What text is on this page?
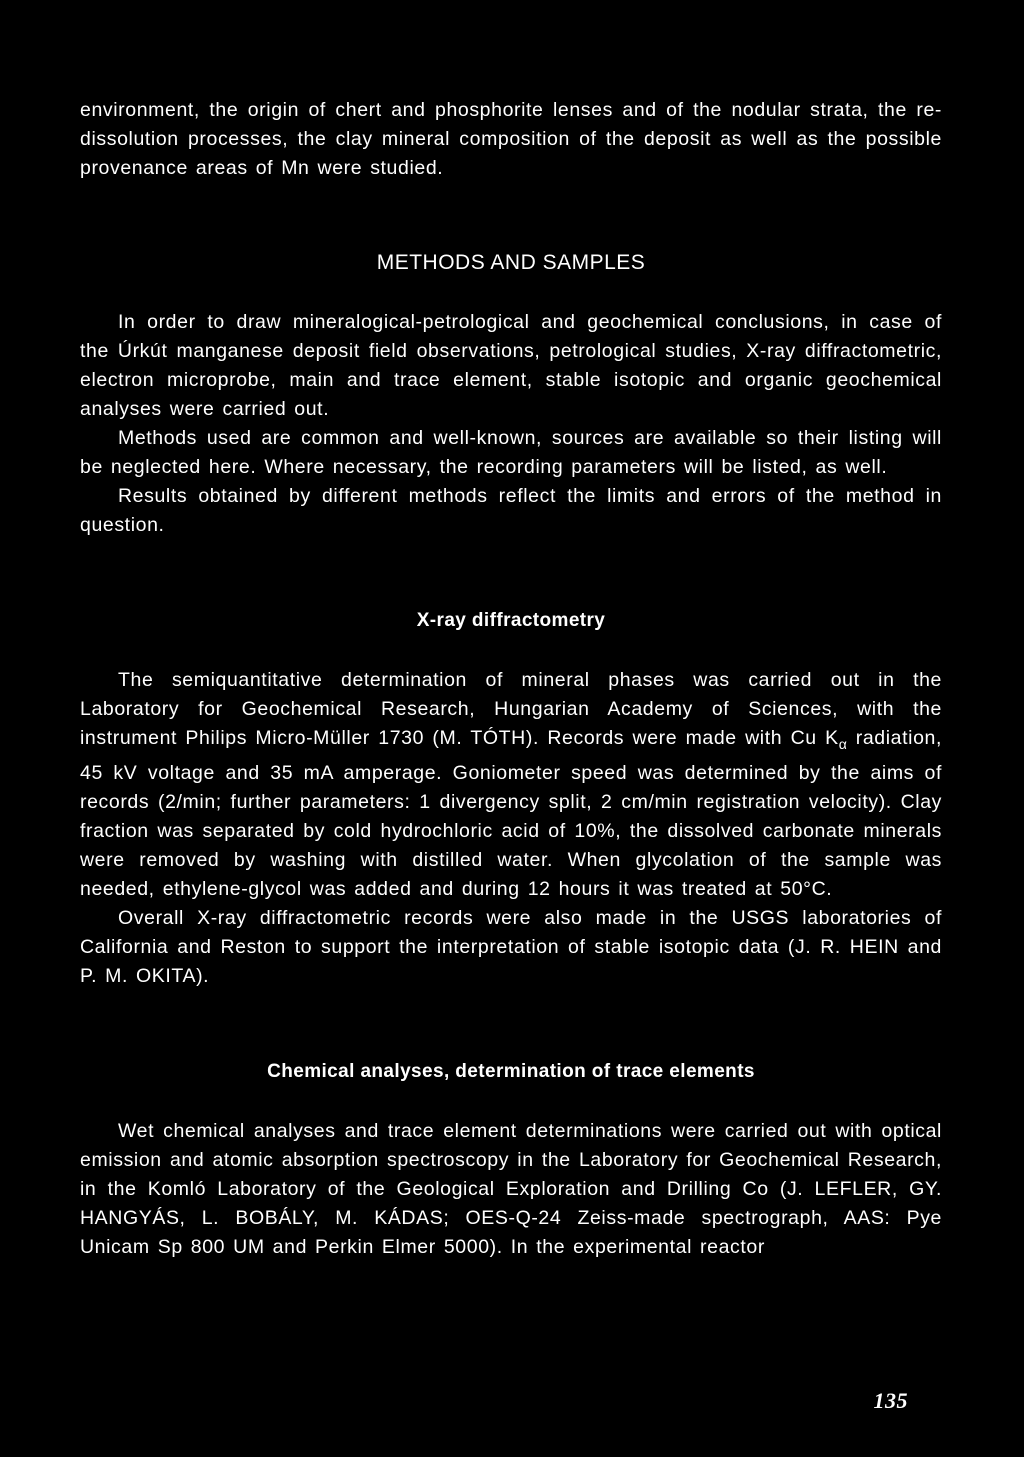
environment, the origin of chert and phosphorite lenses and of the nodular strata, the re-dissolution processes, the clay mineral composition of the deposit as well as the possible provenance areas of Mn were studied.

METHODS AND SAMPLES

In order to draw mineralogical-petrological and geochemical conclusions, in case of the Úrkút manganese deposit field observations, petrological studies, X-ray diffractometric, electron microprobe, main and trace element, stable isotopic and organic geochemical analyses were carried out.

Methods used are common and well-known, sources are available so their listing will be neglected here. Where necessary, the recording parameters will be listed, as well.

Results obtained by different methods reflect the limits and errors of the method in question.

X-ray diffractometry

The semiquantitative determination of mineral phases was carried out in the Laboratory for Geochemical Research, Hungarian Academy of Sciences, with the instrument Philips Micro-Müller 1730 (M. TÓTH). Records were made with Cu $K_\alpha$ radiation, 45 kV voltage and 35 mA amperage. Goniometer speed was determined by the aims of records (2/min; further parameters: 1 divergency split, 2 cm/min registration velocity). Clay fraction was separated by cold hydrochloric acid of 10%, the dissolved carbonate minerals were removed by washing with distilled water. When glycolation of the sample was needed, ethylene-glycol was added and during 12 hours it was treated at 50°C.

Overall X-ray diffractometric records were also made in the USGS laboratories of California and Reston to support the interpretation of stable isotopic data (J. R. HEIN and P. M. OKITA).

Chemical analyses, determination of trace elements

Wet chemical analyses and trace element determinations were carried out with optical emission and atomic absorption spectroscopy in the Laboratory for Geochemical Research, in the Komló Laboratory of the Geological Exploration and Drilling Co (J. LEFLER, GY. HANGYÁS, L. BOBÁLY, M. KÁDAS; OES-Q-24 Zeiss-made spectrograph, AAS: Pye Unicam Sp 800 UM and Perkin Elmer 5000). In the experimental reactor

135
